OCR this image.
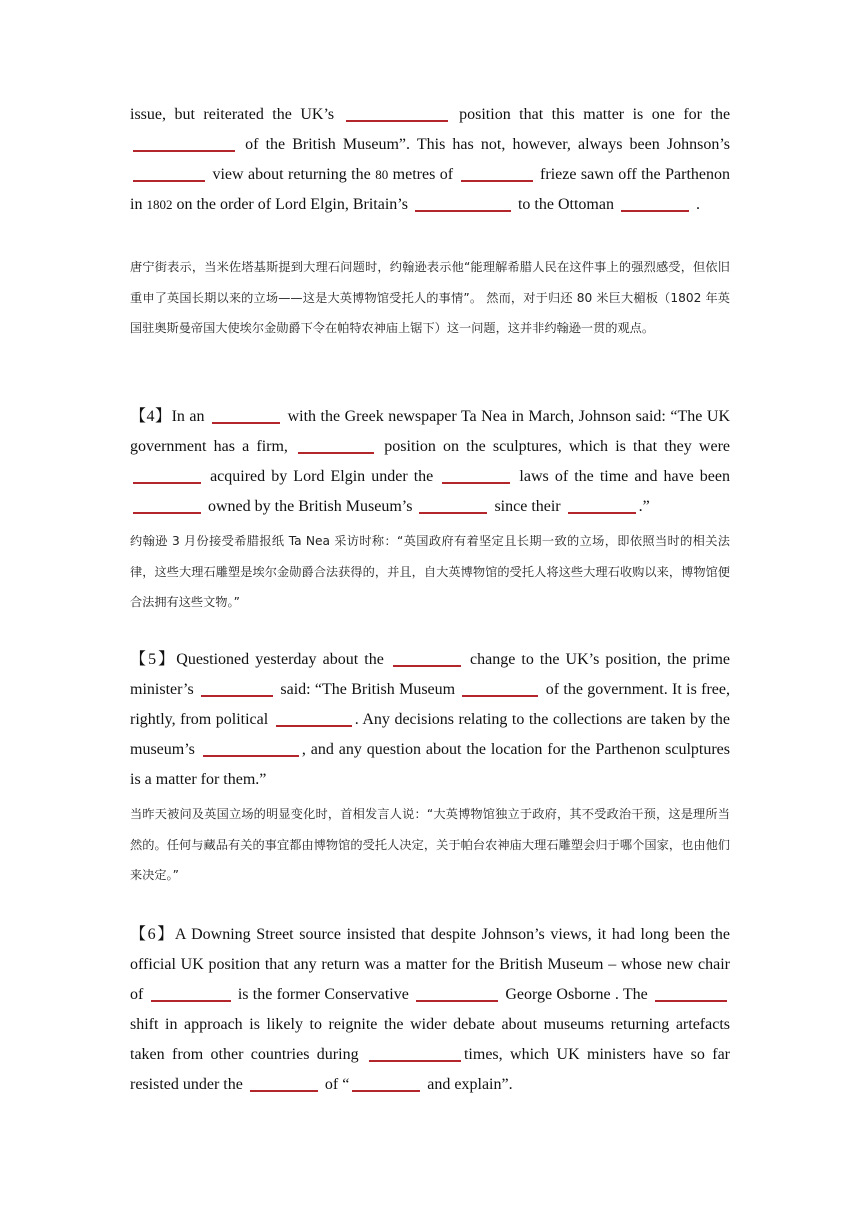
issue, but reiterated the UK’s	position that this matter is one for the  of the British Museum”. This has not, however, always been Johnson’s  view about returning the 80 metres of	frieze sawn off the Parthenon in 1802 on the order of Lord Elgin, Britain’s	to the Ottoman	.
唐宁街表示，当米佐塔基斯提到大理石问题时，约翰逊表示他“能理解希腊人民在这件事上的强烈感受，但依旧重申了英国长期以来的立场——这是大英博物馆受托人的事情”。 然而，对于归还 80 米巨大楣板（1802 年英国驻奥斯曼帝国大使埃尔金勋爵下令在帕特农神庙上锯下）这一问题，这并非约翰逊一贯的观点。
【4】In an	with the Greek newspaper Ta Nea in March, Johnson said: “The UK government has a firm,	position on the sculptures, which is that they were  acquired by Lord Elgin under the	laws of the time and have been  owned by the British Museum’s	since their	.”
约翰逊 3 月份接受希腊报纸 Ta Nea 采访时称：“英国政府有着坚定且长期一致的立场，即依照当时的相关法律，这些大理石雕塑是埃尔金勋爵合法获得的，并且，自大英博物馆的受托人将这些大理石收购以来，博物馆便合法拥有这些文物。”
【5】Questioned yesterday about the	change to the UK’s position, the prime minister’s	said: “The British Museum	of the government. It is free, rightly, from political	. Any decisions relating to the collections are taken by the museum’s	, and any question about the location for the Parthenon sculptures is a matter for them.”
当昨天被问及英国立场的明显变化时，首相发言人说：“大英博物馆独立于政府，其不受政治干预，这是理所当然的。任何与藏品有关的事宜都由博物馆的受托人决定，关于帕台农神庙大理石雕塑会归于哪个国家，也由他们来决定。”
【6】A Downing Street source insisted that despite Johnson’s views, it had long been the official UK position that any return was a matter for the British Museum – whose new chair of	is the former Conservative	George Osborne . The  shift in approach is likely to reignite the wider debate about museums returning artefacts taken from other countries during	times, which UK ministers have so far resisted under the	of “	and explain”.
